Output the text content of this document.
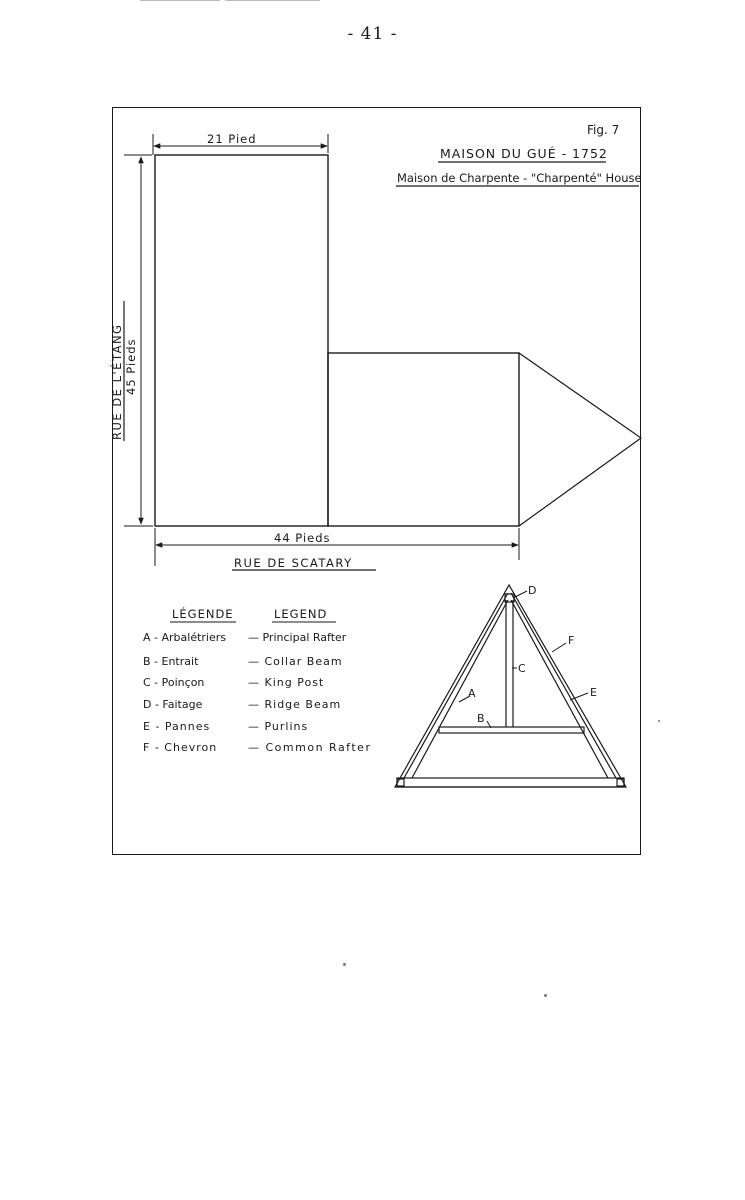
- 41 -
Fig. 7
MAISON DU GUÉ - 1752
Maison de Charpente - "Charpenté" House
21 Pied
45 Pieds
RUE DE L'ÉTANG
44 Pieds
RUE DE SCATARY
LÉGENDE	LEGEND
A - Arbalétriers — Principal Rafter
B - Entrait	— Collar Beam
C - Poinçon	— King Post
D - Faitage	— Ridge Beam
E - Pannes	— Purlins
F - Chevron	— Common Rafter
A
B
C
D
E
F
